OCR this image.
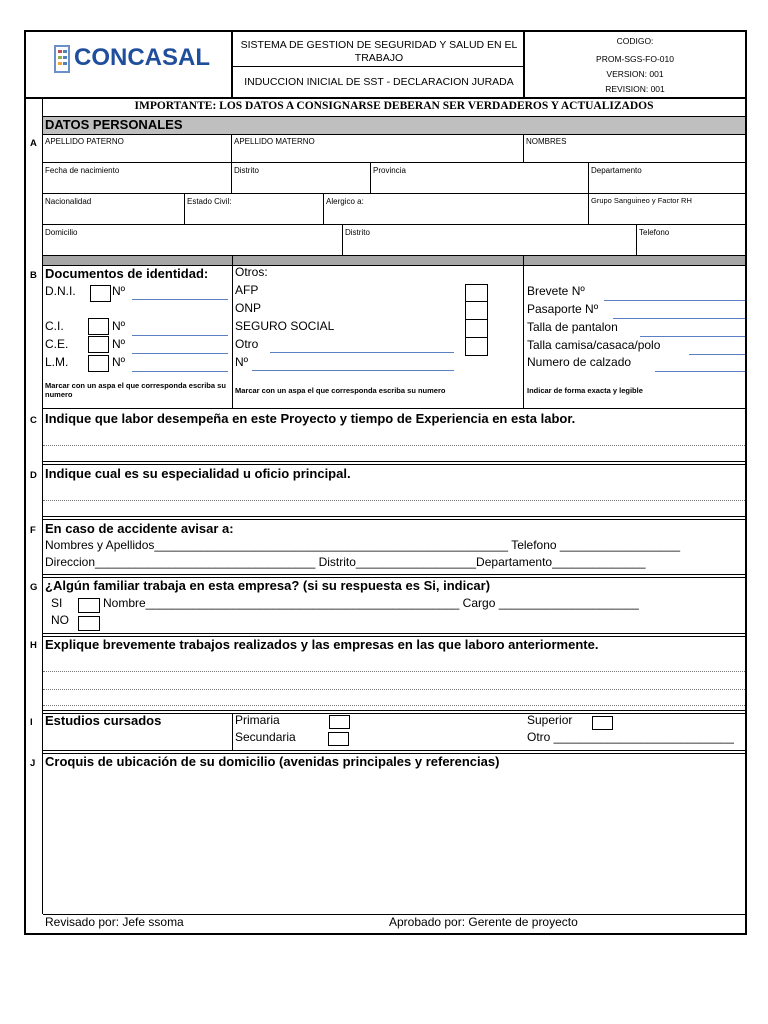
CONCASAL	SISTEMA DE GESTION DE SEGURIDAD Y SALUD EN EL
TRABAJO
INDUCCION INICIAL DE SST - DECLARACION JURADA
CODIGO:
PROM-SGS-FO-010
VERSION: 001
REVISION: 001
IMPORTANTE: LOS DATOS A CONSIGNARSE DEBERAN SER VERDADEROS Y ACTUALIZADOS
DATOS PERSONALES
A APELLIDO PATERNO	APELLIDO MATERNO	NOMBRES
Fecha de nacimiento	Distrito	Provincia	Departamento
Nacionalidad	Estado Civil:	Alergico a:	Grupo Sanguineo y Factor RH
Domicilio	Distrito	Telefono
B Documentos de identidad:
D.N.I.	Nº
C.I.	Nº
C.E.	Nº
L.M.	Nº
Marcar con un aspa el que corresponda escriba su numero
Otros:
AFP
ONP
SEGURO SOCIAL
Otro
Nº
Marcar con un aspa el que corresponda escriba su numero
Brevete Nº
Pasaporte Nº
Talla de pantalon
Talla camisa/casaca/polo
Numero de calzado
Indicar de forma exacta y legible
C Indique que labor desempeña en este Proyecto y tiempo de Experiencia en esta labor.
D Indique cual es su especialidad u oficio principal.
F En caso de accidente avisar a:
Nombres y Apellidos_____________________________________________________ Telefono __________________
Direccion_________________________________ Distrito__________________Departamento______________
G ¿Algún familiar trabaja en esta empresa? (si su respuesta es Si, indicar)
SI	Nombre_______________________________________________ Cargo _____________________
NO
H Explique brevemente trabajos realizados y las empresas en las que laboro anteriormente.
I Estudios cursados	Primaria
Secundaria
Superior
Otro ___________________________
J Croquis de ubicación de su domicilio (avenidas principales y referencias)
Revisado por: Jefe ssoma	Aprobado por: Gerente de proyecto
